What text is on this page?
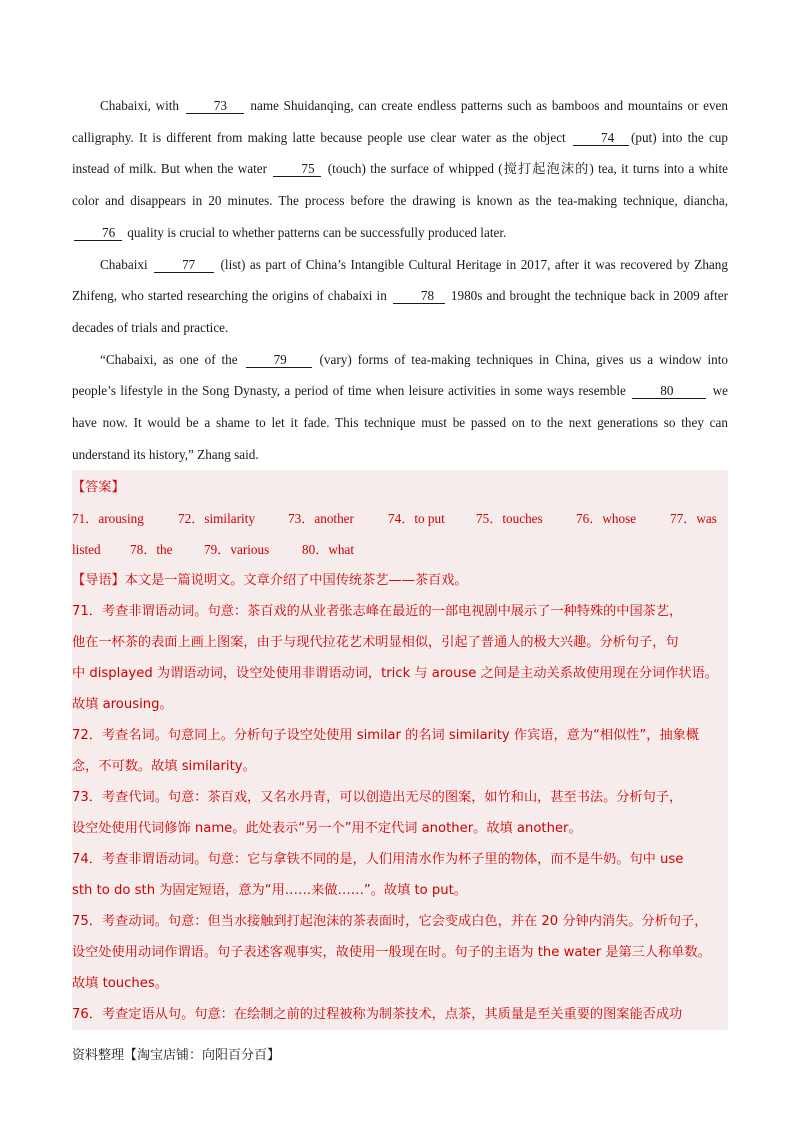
Chabaixi, with 73 name Shuidanqing, can create endless patterns such as bamboos and mountains or even calligraphy. It is different from making latte because people use clear water as the object 74 (put) into the cup instead of milk. But when the water 75 (touch) the surface of whipped (搅打起泡沫的) tea, it turns into a white color and disappears in 20 minutes. The process before the drawing is known as the tea-making technique, diancha, 76 quality is crucial to whether patterns can be successfully produced later.

Chabaixi 77 (list) as part of China’s Intangible Cultural Heritage in 2017, after it was recovered by Zhang Zhifeng, who started researching the origins of chabaixi in 78 1980s and brought the technique back in 2009 after decades of trials and practice.

“Chabaixi, as one of the 79 (vary) forms of tea-making techniques in China, gives us a window into people’s lifestyle in the Song Dynasty, a period of time when leisure activities in some ways resemble 80	we have now. It would be a shame to let it fade. This technique must be passed on to the next generations so they can understand its history,” Zhang said.

【答案】
71．arousing	72．similarity	73．another	74．to put	75．touches	76．whose	77．was
listed	78．the	79．various	80．what
【导语】本文是一篇说明文。文章介绍了中国传统茶艺——茶百戏。
71．考查非谓语动词。句意：茶百戏的从业者张志峰在最近的一部电视剧中展示了一种特殊的中国茶艺，
他在一杯茶的表面上画上图案，由于与现代拉花艺术明显相似，引起了普通人的极大兴趣。分析句子，句
中 displayed 为谓语动词，设空处使用非谓语动词，trick 与 arouse 之间是主动关系故使用现在分词作状语。
故填 arousing。
72．考查名词。句意同上。分析句子设空处使用 similar 的名词 similarity 作宾语，意为“相似性”，抽象概
念，不可数。故填 similarity。
73．考查代词。句意：茶百戏，又名水丹青，可以创造出无尽的图案，如竹和山，甚至书法。分析句子，
设空处使用代词修饰 name。此处表示“另一个”用不定代词 another。故填 another。
74．考查非谓语动词。句意：它与拿铁不同的是，人们用清水作为杯子里的物体，而不是牛奶。句中 use
sth to do sth 为固定短语，意为“用……来做……”。故填 to put。
75．考查动词。句意：但当水接触到打起泡沫的茶表面时，它会变成白色，并在 20 分钟内消失。分析句子，
设空处使用动词作谓语。句子表述客观事实，故使用一般现在时。句子的主语为 the water 是第三人称单数。
故填 touches。
76．考查定语从句。句意：在绘制之前的过程被称为制茶技术，点茶，其质量是至关重要的图案能否成功
资料整理【淘宝店铺：向阳百分百】
